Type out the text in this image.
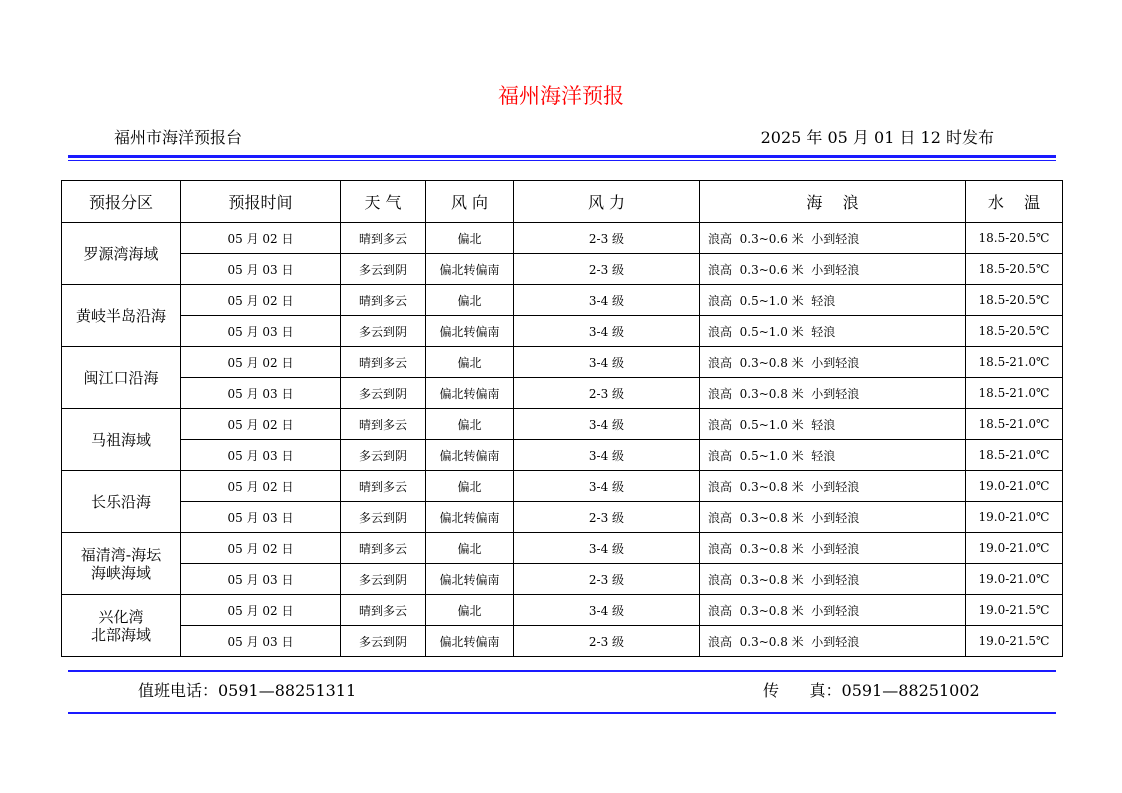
福州海洋预报
福州市海洋预报台	2025 年 05 月 01 日 12 时发布
预报分区	预报时间	天 气	风 向	风 力	海    浪	水    温
罗源湾海域	05 月 02 日	晴到多云	偏北	2-3 级	浪高  0.3~0.6 米  小到轻浪	18.5-20.5℃
	05 月 03 日	多云到阴	偏北转偏南	2-3 级	浪高  0.3~0.6 米  小到轻浪	18.5-20.5℃
黄岐半岛沿海	05 月 02 日	晴到多云	偏北	3-4 级	浪高  0.5~1.0 米  轻浪	18.5-20.5℃
	05 月 03 日	多云到阴	偏北转偏南	3-4 级	浪高  0.5~1.0 米  轻浪	18.5-20.5℃
闽江口沿海	05 月 02 日	晴到多云	偏北	3-4 级	浪高  0.3~0.8 米  小到轻浪	18.5-21.0℃
	05 月 03 日	多云到阴	偏北转偏南	2-3 级	浪高  0.3~0.8 米  小到轻浪	18.5-21.0℃
马祖海域	05 月 02 日	晴到多云	偏北	3-4 级	浪高  0.5~1.0 米  轻浪	18.5-21.0℃
	05 月 03 日	多云到阴	偏北转偏南	3-4 级	浪高  0.5~1.0 米  轻浪	18.5-21.0℃
长乐沿海	05 月 02 日	晴到多云	偏北	3-4 级	浪高  0.3~0.8 米  小到轻浪	19.0-21.0℃
	05 月 03 日	多云到阴	偏北转偏南	2-3 级	浪高  0.3~0.8 米  小到轻浪	19.0-21.0℃
福清湾-海坛
海峡海域	05 月 02 日	晴到多云	偏北	3-4 级	浪高  0.3~0.8 米  小到轻浪	19.0-21.0℃
	05 月 03 日	多云到阴	偏北转偏南	2-3 级	浪高  0.3~0.8 米  小到轻浪	19.0-21.0℃
兴化湾
北部海域	05 月 02 日	晴到多云	偏北	3-4 级	浪高  0.3~0.8 米  小到轻浪	19.0-21.5℃
	05 月 03 日	多云到阴	偏北转偏南	2-3 级	浪高  0.3~0.8 米  小到轻浪	19.0-21.5℃
值班电话：0591—88251311	传      真：0591—88251002
